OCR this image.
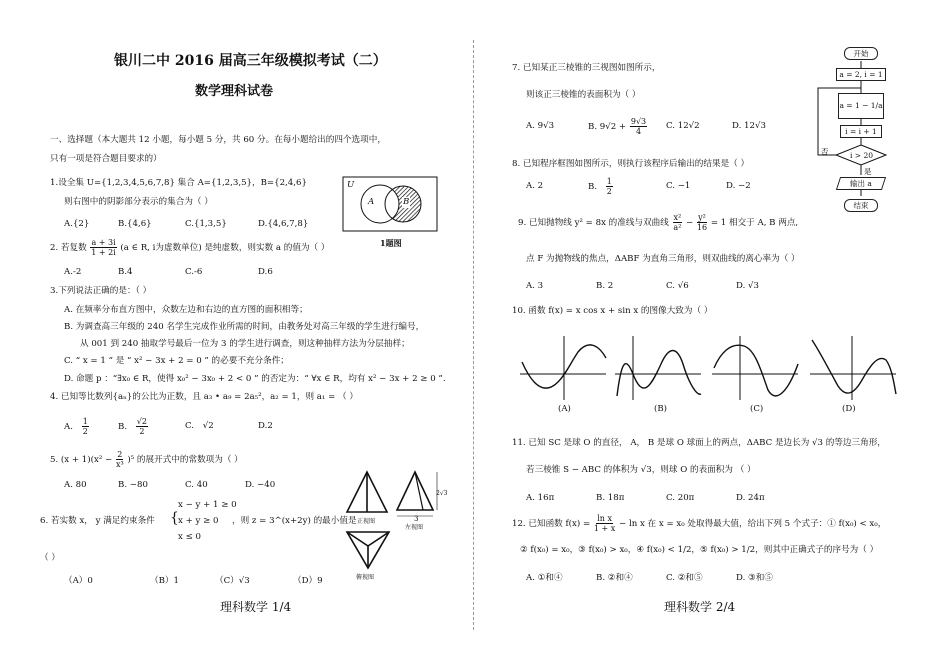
银川二中 2016 届高三年级模拟考试（二）
数学理科试卷
一、选择题（本大题共 12 小题，每小题 5 分，共 60 分。在每小题给出的四个选项中，
只有一项是符合题目要求的）
1.设全集 U={1,2,3,4,5,6,7,8} 集合 A={1,2,3,5}，B={2,4,6}
则右图中的阴影部分表示的集合为（ ）
A.{2}	B.{4,6}	C.{1,3,5}	D.{4,6,7,8}
U
A	B
1题图
2. 若复数 $\frac{a + 3i}{1 + 2i} (a$ ∈ R, i为虚数单位) 是纯虚数，则实数 a 的值为（ ）
A.-2	B.4	C.-6	D.6
3.下列说法正确的是：（ ）
A. 在频率分布直方图中，众数左边和右边的直方图的面积相等；
B. 为调查高三年级的 240 名学生完成作业所需的时间，由教务处对高三年级的学生进行编号，
从 001 到 240 抽取学号最后一位为 3 的学生进行调查，则这种抽样方法为分层抽样；
C. “ x = 1 ” 是 “ x² − 3x + 2 = 0 ” 的必要不充分条件；
D. 命题 p ：“∃x₀ ∈ R，使得 x₀² − 3x₀ + 2 < 0 ” 的否定为：“ ∀x ∈ R，均有 x² − 3x + 2 ≥ 0 ”.
4. 已知等比数列{aₙ}的公比为正数，且 a₃ • a₉ = 2a₅²，a₂ = 1，则 a₁ = （ ）
A. $\frac{1}{2}$	B. $\frac{√2}{2}$	C. √2	D.2
5. $(x + 1)(x^2 - \frac{2}{\text{x³}} )^5$ 的展开式中的常数项为（ ）
A. 80	B. −80	C. 40	D. −40
6. 若实数 x， y 满足约束条件 {
x − y + 1 ≥ 0
x + y ≥ 0
x ≤ 0
，则 z = 3^(x+2y) 的最小值是
（ ）
（A）0	（B）1	（C）√3	（D）9
正视图
2√3
3
左视图
俯视图
理科数学 1/4
7. 已知某正三棱锥的三视图如图所示，
则该正三棱锥的表面积为（ ）
A. 9√3	B. $9√2 + \frac{9√3}{4} C$. 12√2	D. 12√3
8. 已知程序框图如图所示，则执行该程序后输出的结果是（ ）
A. 2	B. $\frac{1}{2}$	C. −1	D. −2
开始
a = 2, i = 1
a = 1 − 1/a
i = i + 1
i > 20
否
是
输出 a
结束
9. 已知抛物线 y² = 8x 的准线与双曲线 $\frac{\text{x²}}{\text{a²}} - \frac{\text{y²}}{16} = 1$ 相交于 A, B 两点,
点 F 为抛物线的焦点，ΔABF 为直角三角形，则双曲线的离心率为（ ）
A. 3	B. 2	C. √6	D. √3
10. 函数 f(x) = x cos x + sin x 的图像大致为（ ）
(A)	(B)	(C)	(D)
11. 已知 SC 是球 O 的直径， A， B 是球 O 球面上的两点，ΔABC 是边长为 √3 的等边三角形，
若三棱锥 S − ABC 的体积为 √3，则球 O 的表面积为 （ ）
A. 16π	B. 18π	C. 20π	D. 24π
12. 已知函数 $f(x) = \frac{\text{ln x}}{1 + x} - \ln x$ 在 x = x₀ 处取得最大值，给出下列 5 个式子：① f(x₀) < x₀，
② f(x₀) = x₀，③ f(x₀) > x₀，④ f(x₀) < 1/2，⑤ f(x₀) > 1/2，则其中正确式子的序号为（ ）
A. ①和④	B. ②和④	C. ②和⑤	D. ③和⑤
理科数学 2/4
